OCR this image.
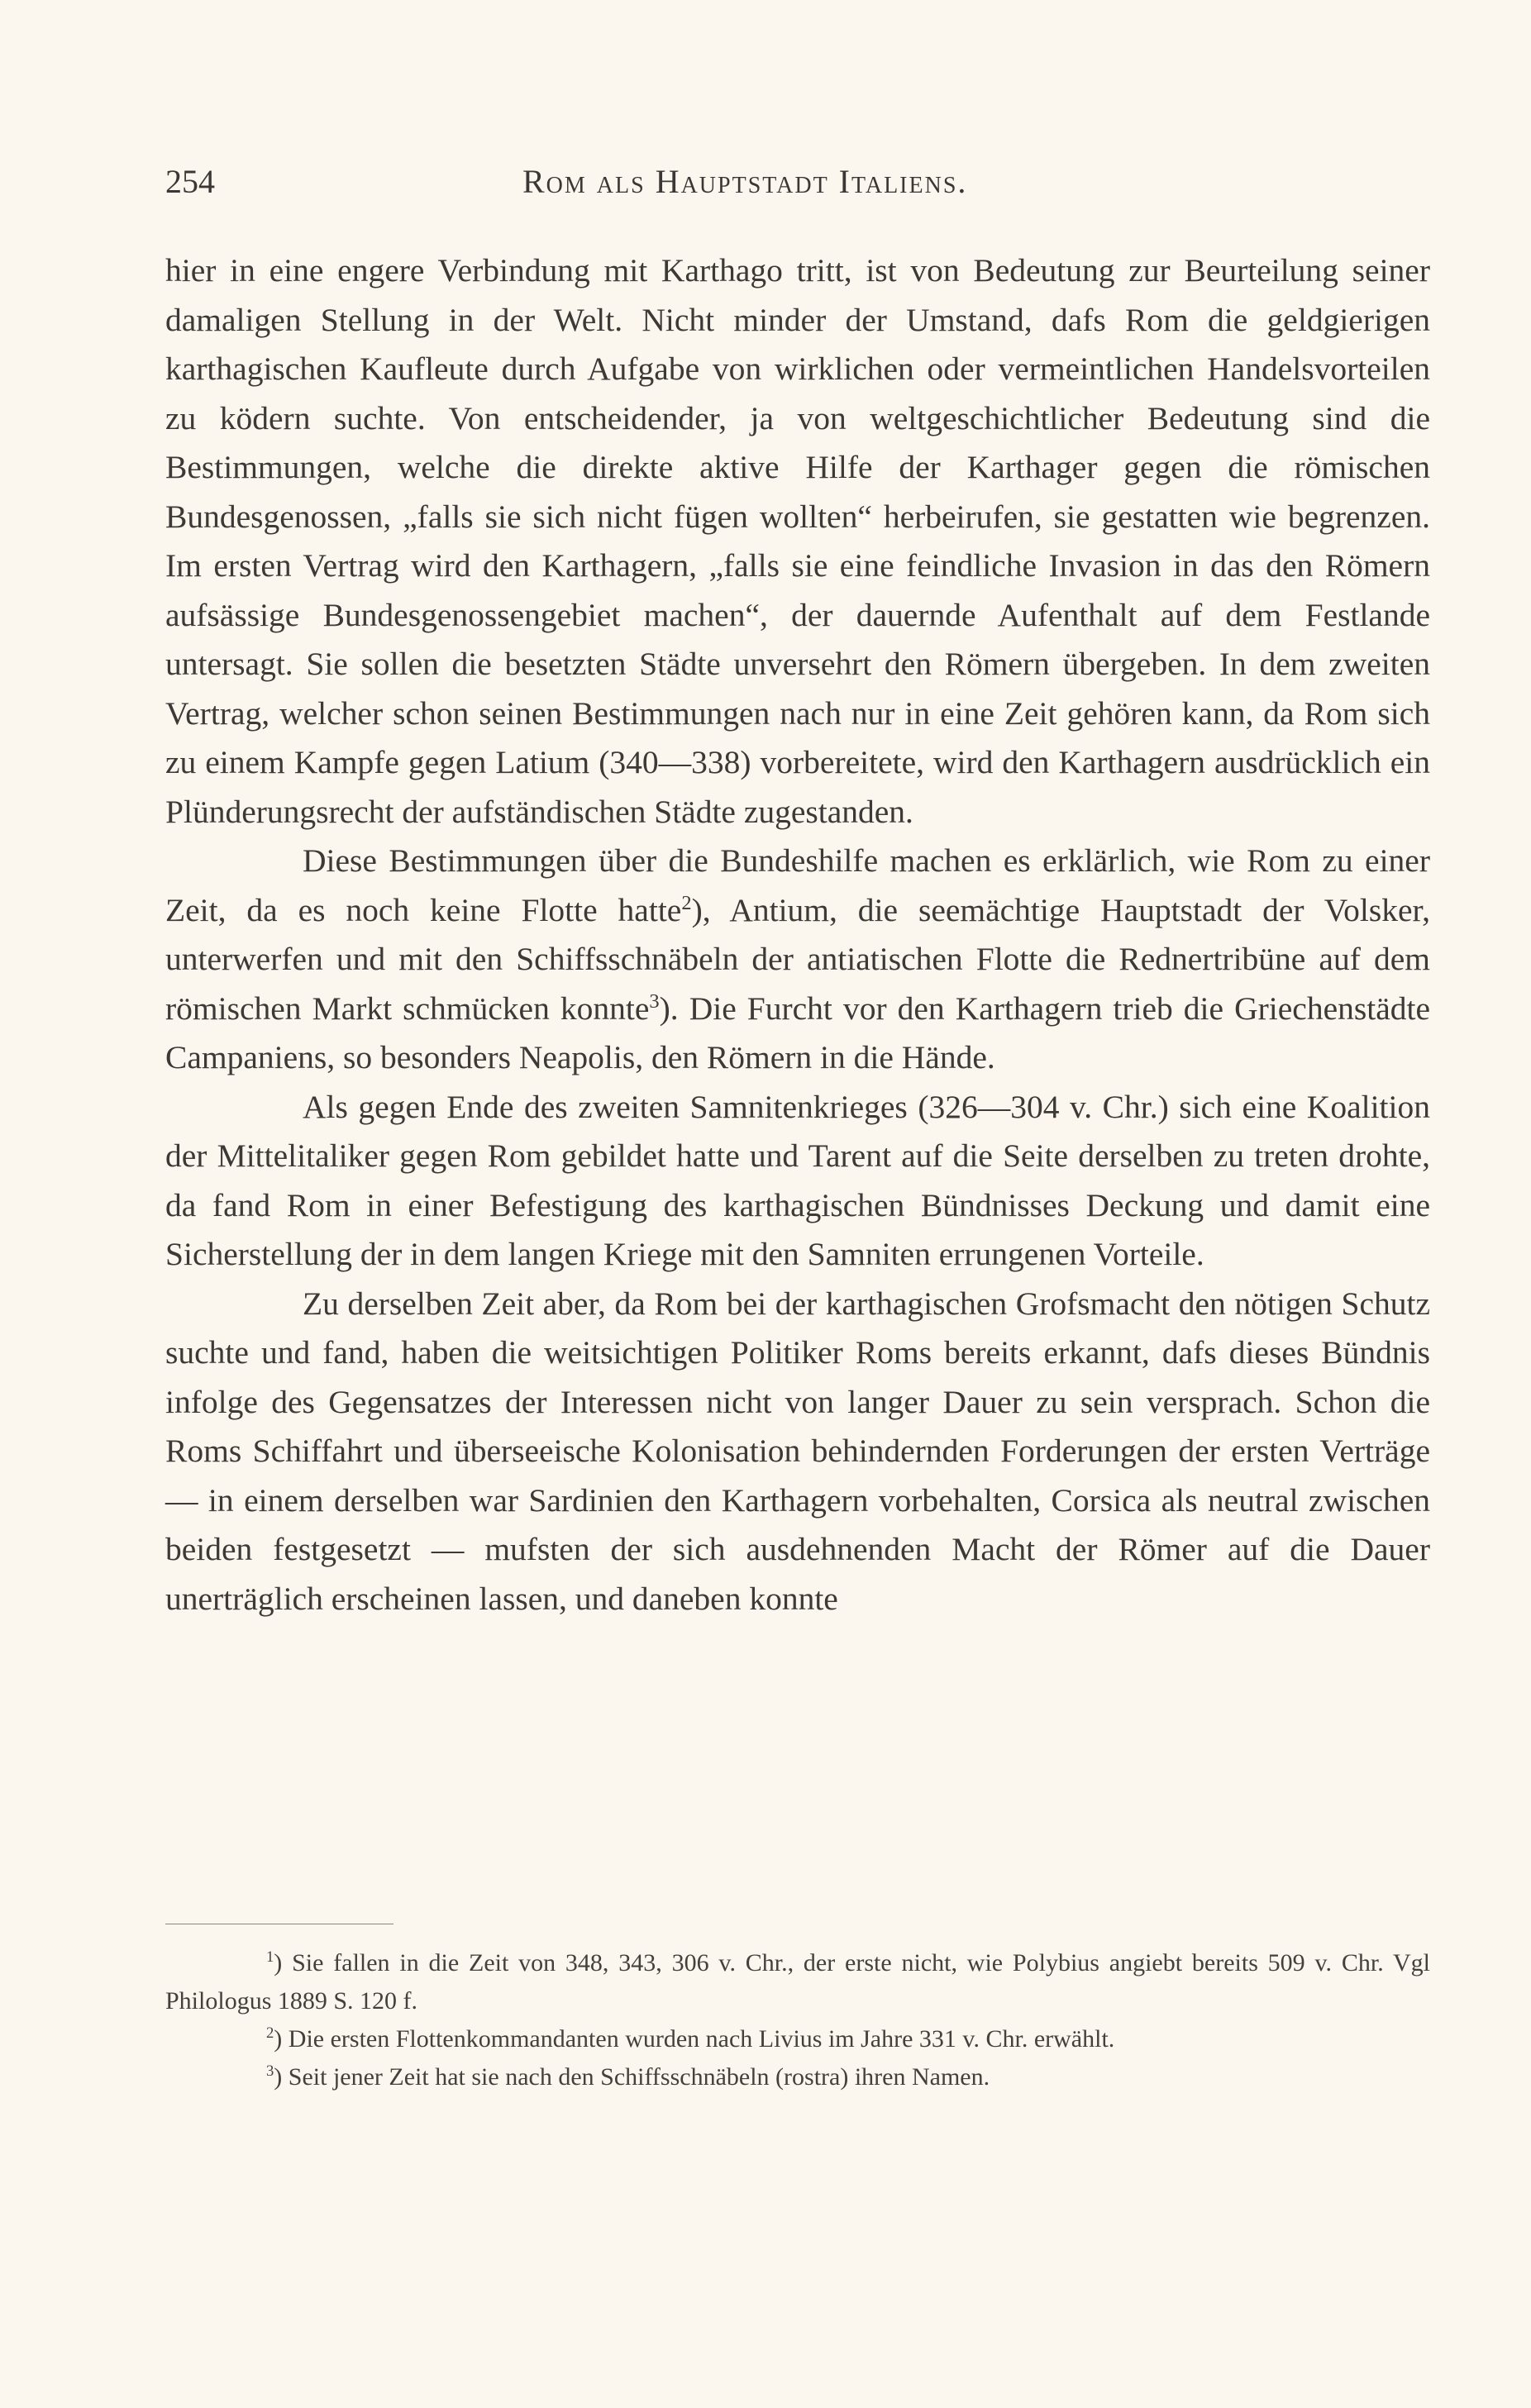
254	Rom als Hauptstadt Italiens.

hier in eine engere Verbindung mit Karthago tritt, ist von Bedeutung zur Beurteilung seiner damaligen Stellung in der Welt. Nicht minder der Umstand, dafs Rom die geldgierigen karthagischen Kaufleute durch Aufgabe von wirklichen oder vermeintlichen Handelsvorteilen zu ködern suchte. Von entscheidender, ja von weltgeschichtlicher Bedeutung sind die Bestimmungen, welche die direkte aktive Hilfe der Karthager gegen die römischen Bundesgenossen, „falls sie sich nicht fügen wollten“ herbeirufen, sie gestatten wie begrenzen. Im ersten Vertrag wird den Karthagern, „falls sie eine feindliche Invasion in das den Römern aufsässige Bundesgenossengebiet machen“, der dauernde Aufenthalt auf dem Festlande untersagt. Sie sollen die besetzten Städte unversehrt den Römern übergeben. In dem zweiten Vertrag, welcher schon seinen Bestimmungen nach nur in eine Zeit gehören kann, da Rom sich zu einem Kampfe gegen Latium (340—338) vorbereitete, wird den Karthagern ausdrücklich ein Plünderungsrecht der aufständischen Städte zugestanden.

Diese Bestimmungen über die Bundeshilfe machen es erklärlich, wie Rom zu einer Zeit, da es noch keine Flotte hatte$^2$), Antium, die seemächtige Hauptstadt der Volsker, unterwerfen und mit den Schiffsschnäbeln der antiatischen Flotte die Rednertribüne auf dem römischen Markt schmücken konnte$^3$). Die Furcht vor den Karthagern trieb die Griechenstädte Campaniens, so besonders Neapolis, den Römern in die Hände.

Als gegen Ende des zweiten Samnitenkrieges (326—304 v. Chr.) sich eine Koalition der Mittelitaliker gegen Rom gebildet hatte und Tarent auf die Seite derselben zu treten drohte, da fand Rom in einer Befestigung des karthagischen Bündnisses Deckung und damit eine Sicherstellung der in dem langen Kriege mit den Samniten errungenen Vorteile.

Zu derselben Zeit aber, da Rom bei der karthagischen Grofsmacht den nötigen Schutz suchte und fand, haben die weitsichtigen Politiker Roms bereits erkannt, dafs dieses Bündnis infolge des Gegensatzes der Interessen nicht von langer Dauer zu sein versprach. Schon die Roms Schiffahrt und überseeische Kolonisation behindernden Forderungen der ersten Verträge — in einem derselben war Sardinien den Karthagern vorbehalten, Corsica als neutral zwischen beiden festgesetzt — mufsten der sich ausdehnenden Macht der Römer auf die Dauer unerträglich erscheinen lassen, und daneben konnte

$^1$) Sie fallen in die Zeit von 348, 343, 306 v. Chr., der erste nicht, wie Polybius angiebt bereits 509 v. Chr. Vgl Philologus 1889 S. 120 f.

$^2$) Die ersten Flottenkommandanten wurden nach Livius im Jahre 331 v. Chr. erwählt.

$^3$) Seit jener Zeit hat sie nach den Schiffsschnäbeln (rostra) ihren Namen.
